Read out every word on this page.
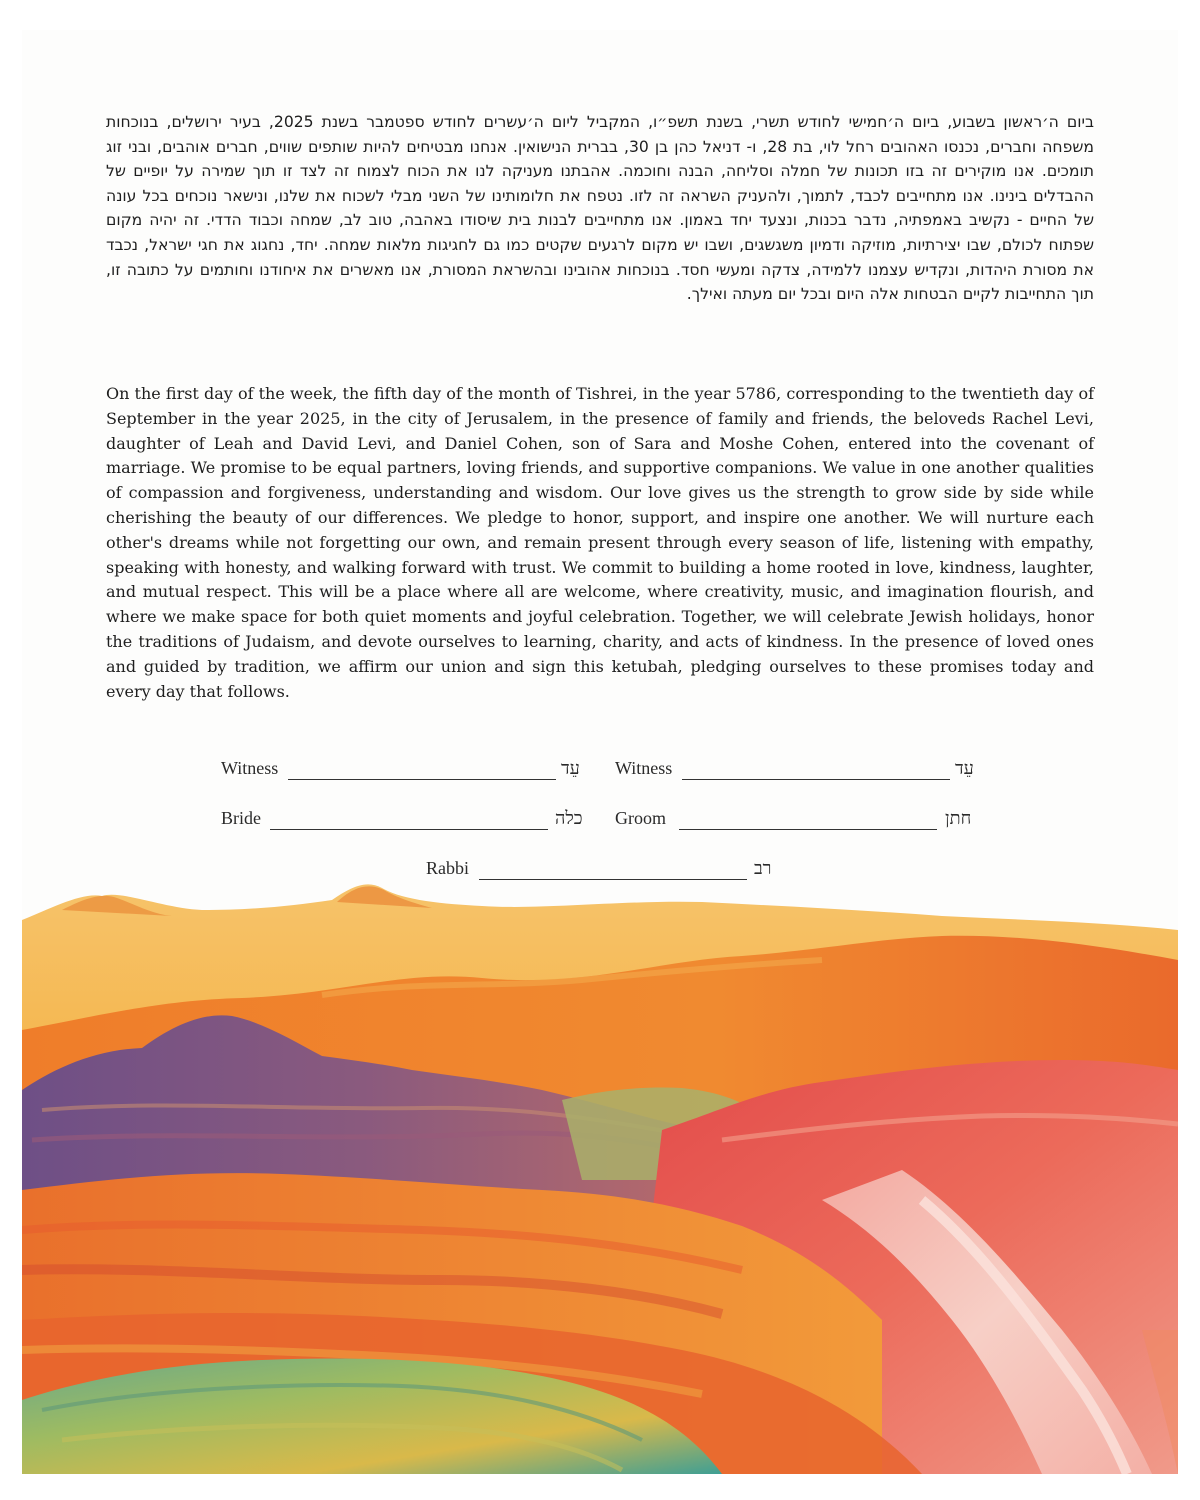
ביום ה׳ראשון בשבוע, ביום ה׳חמישי לחודש תשרי, בשנת תשפ״ו, המקביל ליום ה׳עשרים לחודש ספטמבר בשנת 2025, בעיר ירושלים, בנוכחות משפחה וחברים, נכנסו האהובים רחל לוי, בת 28, ו- דניאל כהן בן 30, בברית הנישואין. אנחנו מבטיחים להיות שותפים שווים, חברים אוהבים, ובני זוג תומכים. אנו מוקירים זה בזו תכונות של חמלה וסליחה, הבנה וחוכמה. אהבתנו מעניקה לנו את הכוח לצמוח זה לצד זו תוך שמירה על יופיים של ההבדלים בינינו. אנו מתחייבים לכבד, לתמוך, ולהעניק השראה זה לזו. נטפח את חלומותינו של השני מבלי לשכוח את שלנו, ונישאר נוכחים בכל עונה של החיים - נקשיב באמפתיה, נדבר בכנות, ונצעד יחד באמון. אנו מתחייבים לבנות בית שיסודו באהבה, טוב לב, שמחה וכבוד הדדי. זה יהיה מקום שפתוח לכולם, שבו יצירתיות, מוזיקה ודמיון משגשגים, ושבו יש מקום לרגעים שקטים כמו גם לחגיגות מלאות שמחה. יחד, נחגוג את חגי ישראל, נכבד את מסורת היהדות, ונקדיש עצמנו ללמידה, צדקה ומעשי חסד. בנוכחות אהובינו ובהשראת המסורת, אנו מאשרים את איחודנו וחותמים על כתובה זו, תוך התחייבות לקיים הבטחות אלה היום ובכל יום מעתה ואילך.
On the first day of the week, the fifth day of the month of Tishrei, in the year 5786, corresponding to the twentieth day of September in the year 2025, in the city of Jerusalem, in the presence of family and friends, the beloveds Rachel Levi, daughter of Leah and David Levi, and Daniel Cohen, son of Sara and Moshe Cohen, entered into the covenant of marriage. We promise to be equal partners, loving friends, and supportive companions. We value in one another qualities of compassion and forgiveness, understanding and wisdom. Our love gives us the strength to grow side by side while cherishing the beauty of our differences. We pledge to honor, support, and inspire one another. We will nurture each other's dreams while not forgetting our own, and remain present through every season of life, listening with empathy, speaking with honesty, and walking forward with trust. We commit to building a home rooted in love, kindness, laughter, and mutual respect. This will be a place where all are welcome, where creativity, music, and imagination flourish, and where we make space for both quiet moments and joyful celebration. Together, we will celebrate Jewish holidays, honor the traditions of Judaism, and devote ourselves to learning, charity, and acts of kindness. In the presence of loved ones and guided by tradition, we affirm our union and sign this ketubah, pledging ourselves to these promises today and every day that follows.
Witness	עֵד Witness	עֵד
Bride	כלה Groom	חתן
Rabbi	רב
